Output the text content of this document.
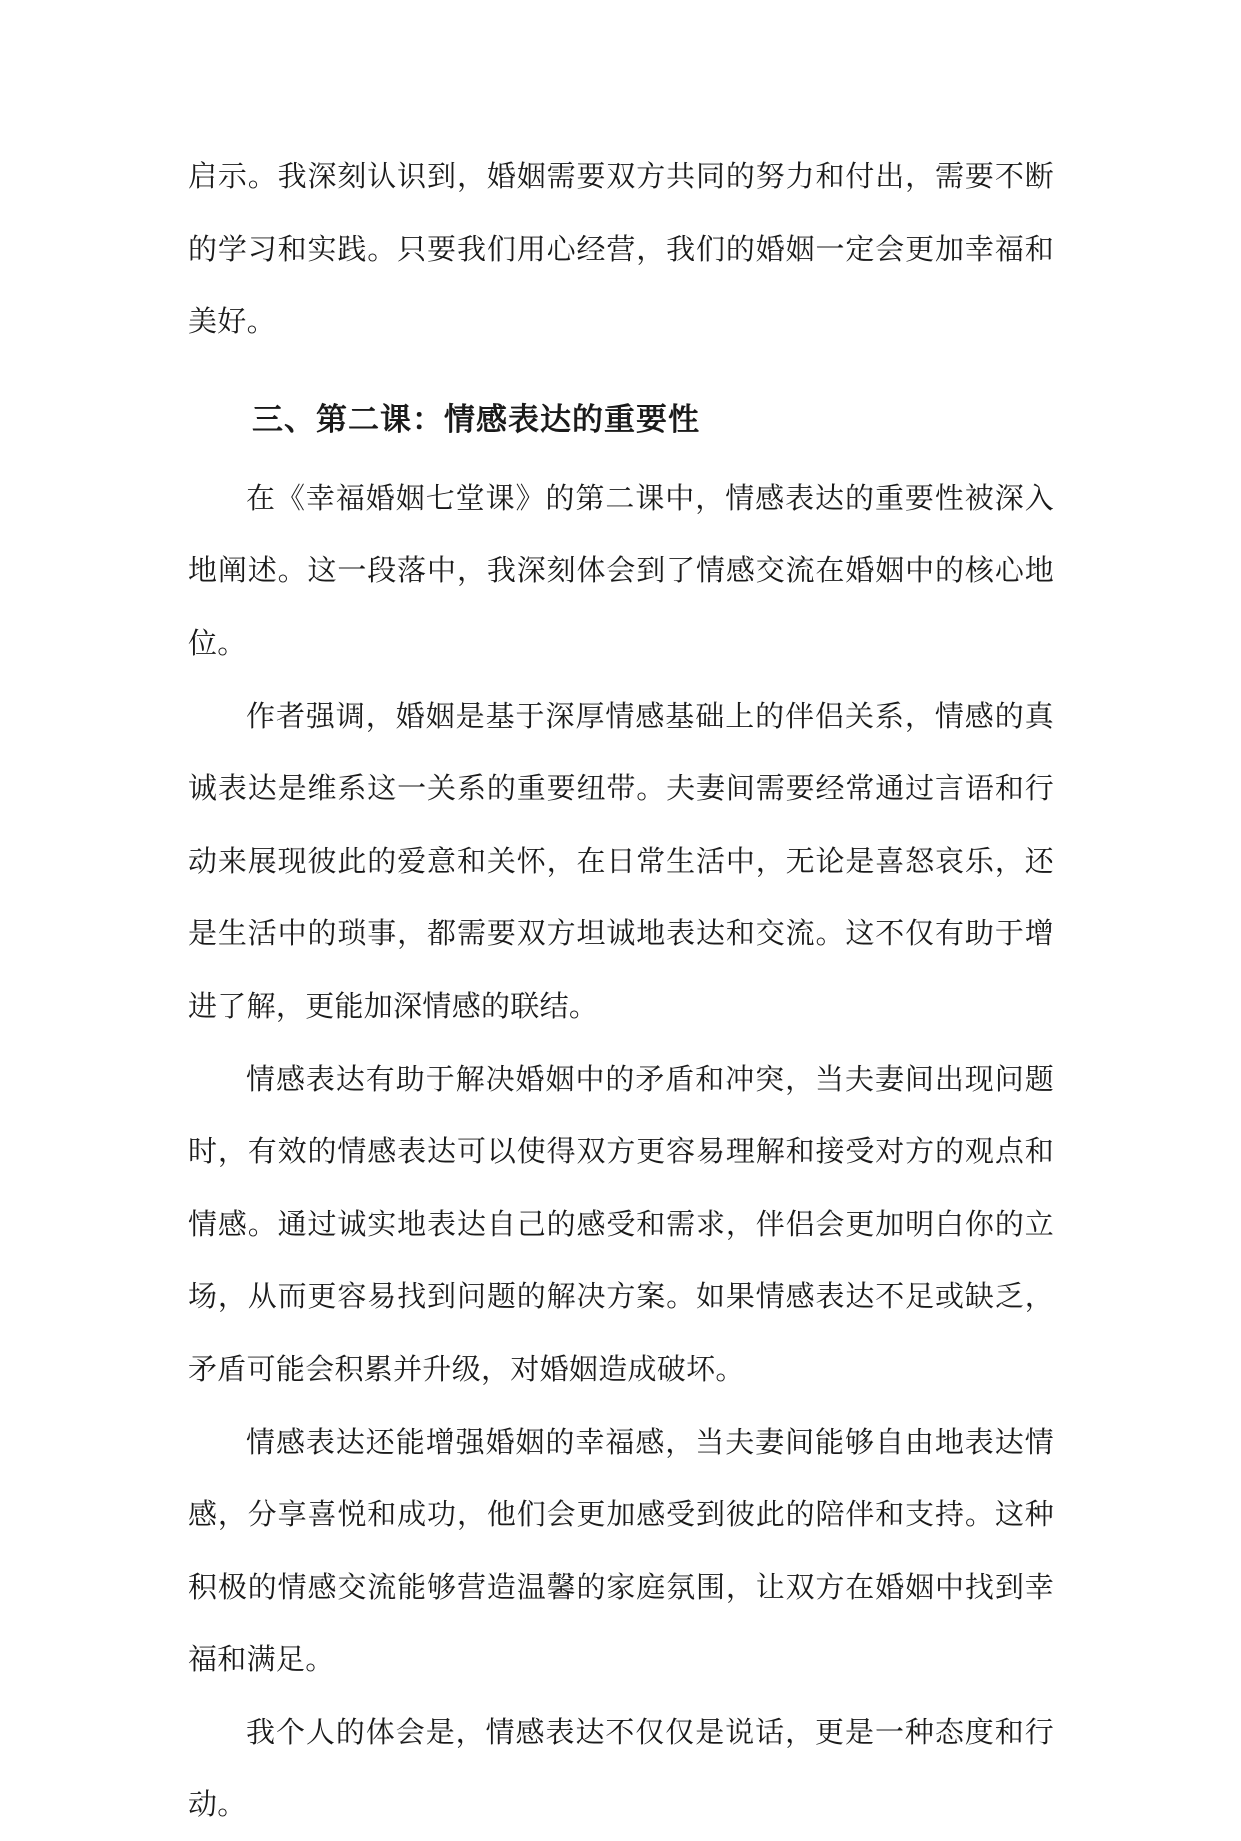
启示。我深刻认识到，婚姻需要双方共同的努力和付出，需要不断的学习和实践。只要我们用心经营，我们的婚姻一定会更加幸福和美好。

三、第二课：情感表达的重要性

在《幸福婚姻七堂课》的第二课中，情感表达的重要性被深入地阐述。这一段落中，我深刻体会到了情感交流在婚姻中的核心地位。

作者强调，婚姻是基于深厚情感基础上的伴侣关系，情感的真诚表达是维系这一关系的重要纽带。夫妻间需要经常通过言语和行动来展现彼此的爱意和关怀，在日常生活中，无论是喜怒哀乐，还是生活中的琐事，都需要双方坦诚地表达和交流。这不仅有助于增进了解，更能加深情感的联结。

情感表达有助于解决婚姻中的矛盾和冲突，当夫妻间出现问题时，有效的情感表达可以使得双方更容易理解和接受对方的观点和情感。通过诚实地表达自己的感受和需求，伴侣会更加明白你的立场，从而更容易找到问题的解决方案。如果情感表达不足或缺乏，矛盾可能会积累并升级，对婚姻造成破坏。

情感表达还能增强婚姻的幸福感，当夫妻间能够自由地表达情感，分享喜悦和成功，他们会更加感受到彼此的陪伴和支持。这种积极的情感交流能够营造温馨的家庭氛围，让双方在婚姻中找到幸福和满足。

我个人的体会是，情感表达不仅仅是说话，更是一种态度和行动。
